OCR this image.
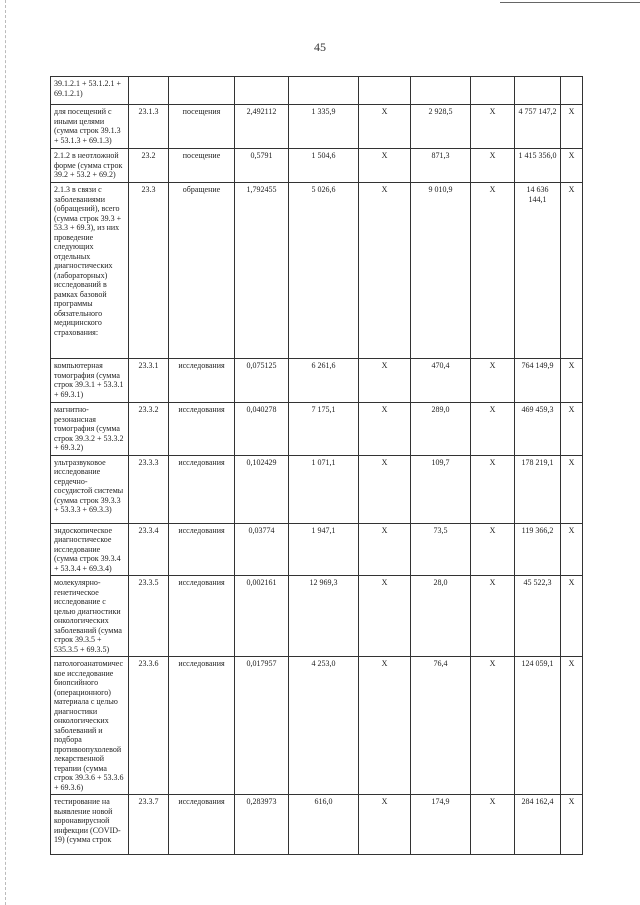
45
39.1.2.1 + 53.1.2.1 + 69.1.2.1)									
для посещений с иными целями (сумма строк 39.1.3 + 53.1.3 + 69.1.3)	23.1.3	посещения	2,492112	1 335,9	X	2 928,5	X	4 757 147,2	X
2.1.2 в неотложной форме (сумма строк 39.2 + 53.2 + 69.2)	23.2	посещение	0,5791	1 504,6	X	871,3	X	1 415 356,0	X
2.1.3 в связи с заболеваниями (обращений), всего (сумма строк 39.3 + 53.3 + 69.3), из них проведение следующих отдельных диагностических (лабораторных) исследований в рамках базовой программы обязательного медицинского страхования:	23.3	обращение	1,792455	5 026,6	X	9 010,9	X	14 636 144,1	X
компьютерная томография (сумма строк 39.3.1 + 53.3.1 + 69.3.1)	23.3.1	исследования	0,075125	6 261,6	X	470,4	X	764 149,9	X
магнитно-резонансная томография (сумма строк 39.3.2 + 53.3.2 + 69.3.2)	23.3.2	исследования	0,040278	7 175,1	X	289,0	X	469 459,3	X
ультразвуковое исследование сердечно-сосудистой системы (сумма строк 39.3.3 + 53.3.3 + 69.3.3)	23.3.3	исследования	0,102429	1 071,1	X	109,7	X	178 219,1	X
эндоскопическое диагностическое исследование (сумма строк 39.3.4 + 53.3.4 + 69.3.4)	23.3.4	исследования	0,03774	1 947,1	X	73,5	X	119 366,2	X
молекулярно-генетическое исследование с целью диагностики онкологических заболеваний (сумма строк 39.3.5 + 535.3.5 + 69.3.5)	23.3.5	исследования	0,002161	12 969,3	X	28,0	X	45 522,3	X
патологоанатомическое исследование биопсийного (операционного) материала с целью диагностики онкологических заболеваний и подбора противоопухолевой лекарственной терапии (сумма строк 39.3.6 + 53.3.6 + 69.3.6)	23.3.6	исследования	0,017957	4 253,0	X	76,4	X	124 059,1	X
тестирование на выявление новой коронавирусной инфекции (COVID-19) (сумма строк	23.3.7	исследования	0,283973	616,0	X	174,9	X	284 162,4	X
